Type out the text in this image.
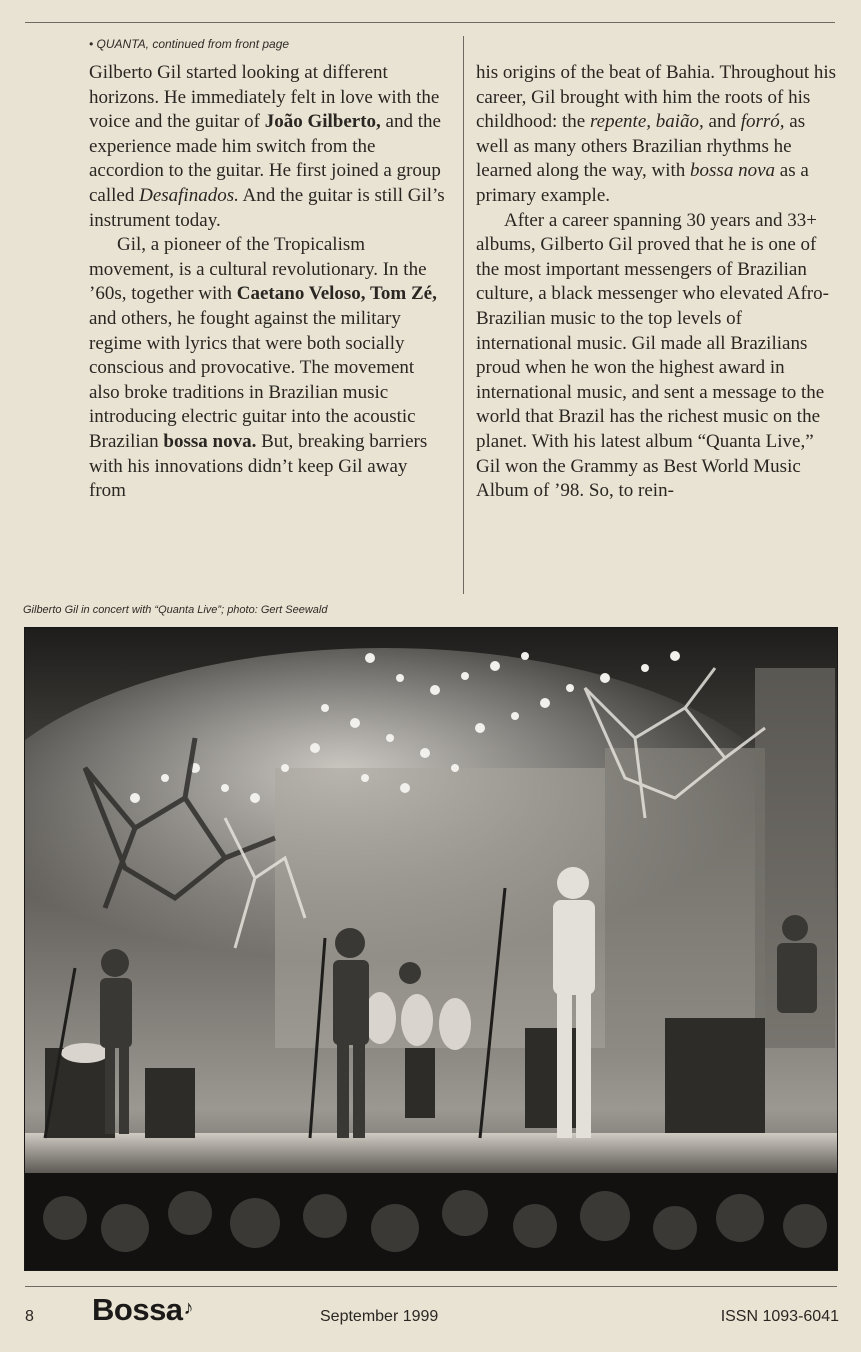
• QUANTA, continued from front page

Gilberto Gil started looking at different horizons. He immediately felt in love with the voice and the guitar of João Gilberto, and the experience made him switch from the accordion to the guitar. He first joined a group called Desafinados. And the guitar is still Gil’s instrument today.

Gil, a pioneer of the Tropicalism movement, is a cultural revolutionary. In the ’60s, together with Caetano Veloso, Tom Zé, and others, he fought against the military regime with lyrics that were both socially conscious and provocative. The movement also broke traditions in Brazilian music introducing electric guitar into the acoustic Brazilian bossa nova. But, breaking barriers with his innovations didn’t keep Gil away from

his origins of the beat of Bahia. Throughout his career, Gil brought with him the roots of his childhood: the repente, baião, and forró, as well as many others Brazilian rhythms he learned along the way, with bossa nova as a primary example.

After a career spanning 30 years and 33+ albums, Gilberto Gil proved that he is one of the most important messengers of Brazilian culture, a black messenger who elevated Afro-Brazilian music to the top levels of international music. Gil made all Brazilians proud when he won the highest award in international music, and sent a message to the world that Brazil has the richest music on the planet. With his latest album “Quanta Live,” Gil won the Grammy as Best World Music Album of ’98. So, to rein-

Gilberto Gil in concert with “Quanta Live”; photo: Gert Seewald
8 Bossa♪	September 1999	ISSN 1093-6041
